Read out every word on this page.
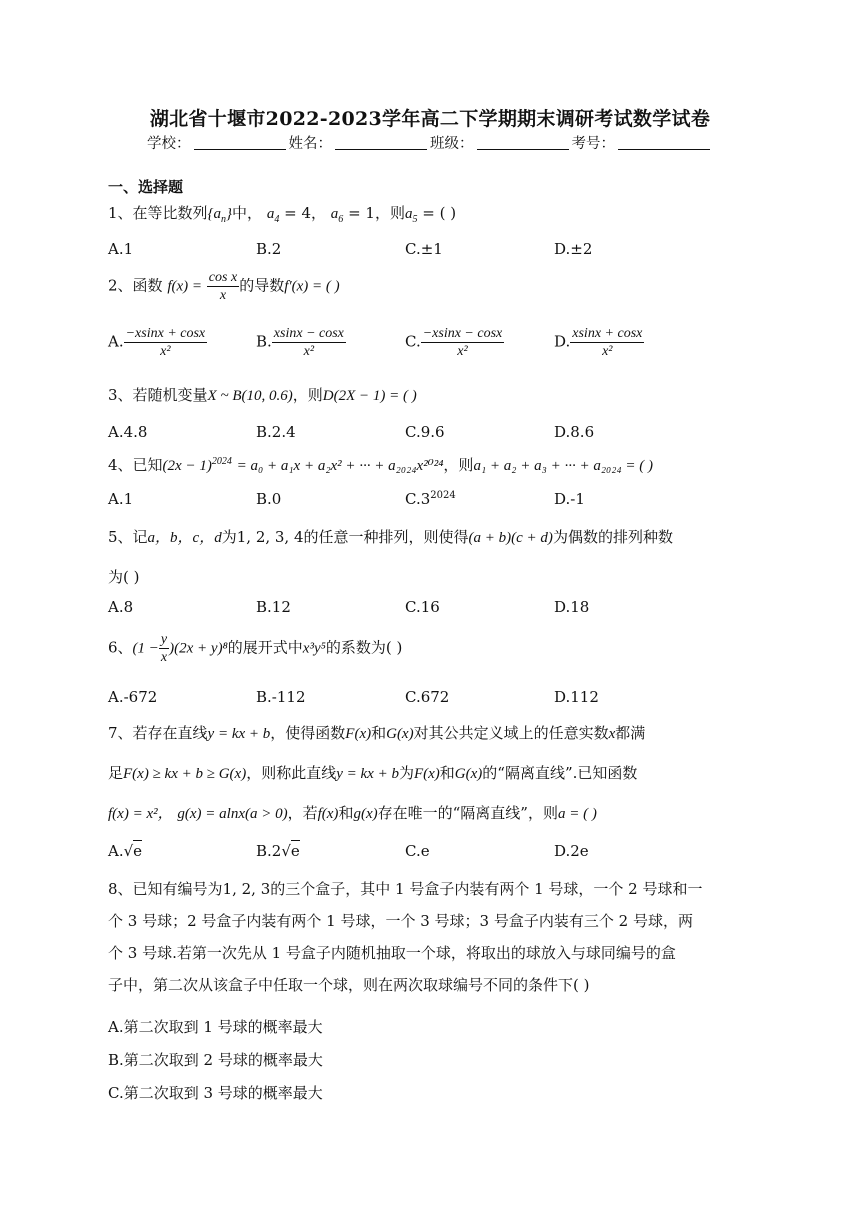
湖北省十堰市2022-2023学年高二下学期期末调研考试数学试卷
学校：	姓名：	班级：	考号：
一、选择题
1、在等比数列$\{a_n\}$中， $a_4 = 4$， $a_6 = 1$，则$a_5$ = ( )
A.1	B.2	C.±1	D.±2
2、函数 $f(x) = \frac{\text{cos x}}{x}$ 的导数f′(x) = ( )
A. $\frac{-xsinx + \cos x}{\text{x²}}$	B. $\frac{xsinx - \cos x}{\text{x²}}$	C. $\frac{-xsinx - \cos x}{\text{x²}}$	D. $\frac{xsinx + \cos x}{\text{x²}}$
3、若随机变量X ~ B(10, 0.6)，则D(2X − 1) = ( )
A.4.8	B.2.4	C.9.6	D.8.6
4、已知$(2x - 1)^{2024} = a_0 + a_1x + a_2x^2$ + ··· + a₂₀₂₄x²⁰²⁴，则a₁ + a₂ + a₃ + ··· + a₂₀₂₄ = ( )
A.1	B.0	$C.3^{2024}$	D.-1
5、记a，b，c，d为1, 2, 3, 4的任意一种排列，则使得(a + b)(c + d)为偶数的排列种数
为( )
A.8	B.12	C.16	D.18
6、$(1 - \frac{y}{x} )(2x + y)^8$的展开式中x³y⁵的系数为( )
A.-672	B.-112	C.672	D.112
7、若存在直线y = kx + b，使得函数F(x)和G(x)对其公共定义域上的任意实数x都满
足F(x) ≥ kx + b ≥ G(x)，则称此直线y = kx + b为F(x)和G(x)的“隔离直线”.已知函数
f(x) = x²， g(x) = alnx(a > 0)，若f(x)和g(x)存在唯一的“隔离直线”，则a = ( )
A.√e	B.2√e	C.e	D.2e
8、已知有编号为1, 2, 3的三个盒子，其中 1 号盒子内装有两个 1 号球，一个 2 号球和一
个 3 号球；2 号盒子内装有两个 1 号球，一个 3 号球；3 号盒子内装有三个 2 号球，两
个 3 号球.若第一次先从 1 号盒子内随机抽取一个球，将取出的球放入与球同编号的盒
子中，第二次从该盒子中任取一个球，则在两次取球编号不同的条件下( )
A.第二次取到 1 号球的概率最大
B.第二次取到 2 号球的概率最大
C.第二次取到 3 号球的概率最大
